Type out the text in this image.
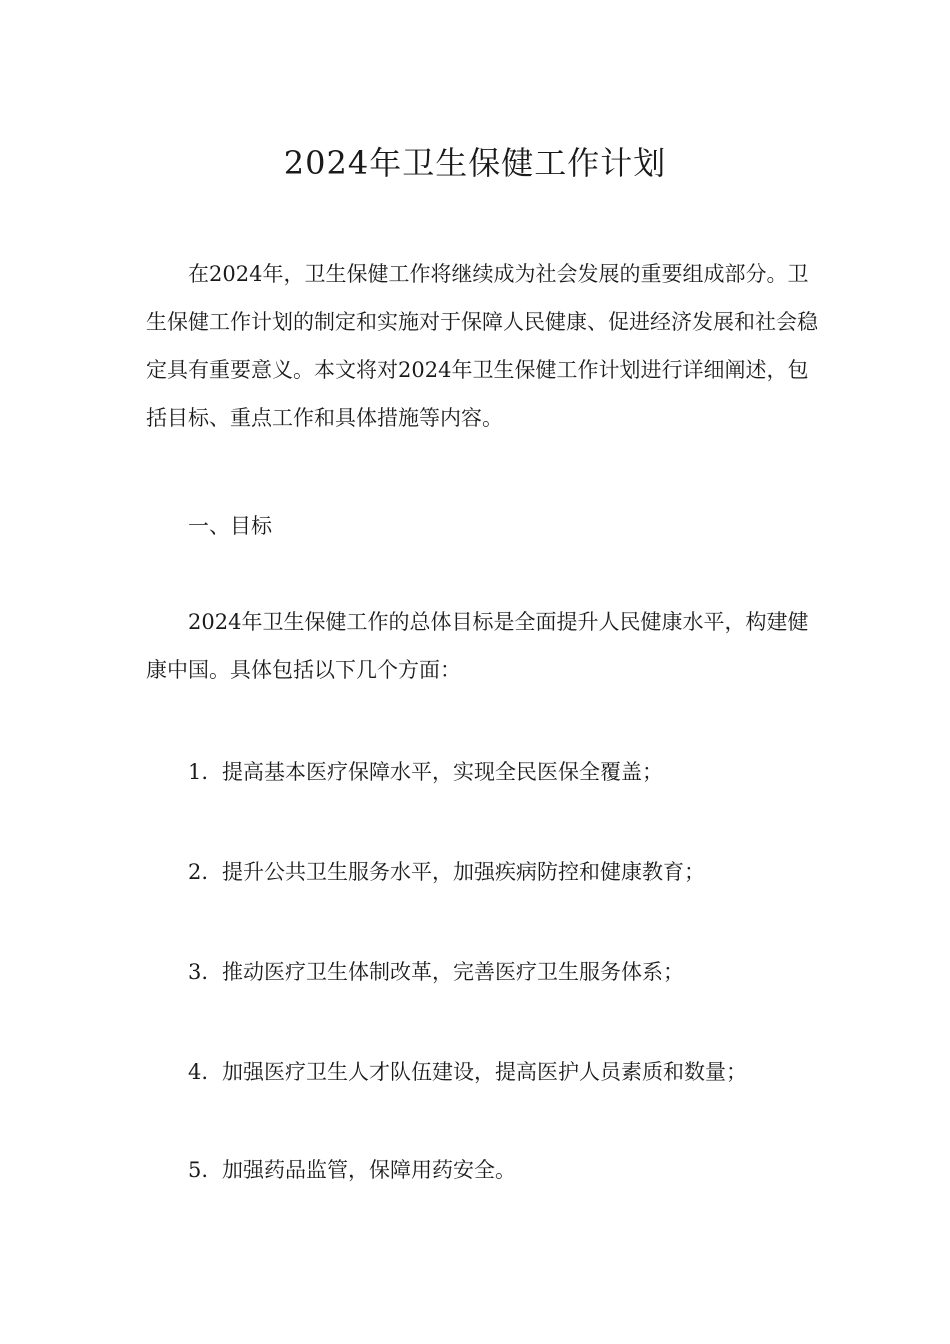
2024年卫生保健工作计划
在2024年，卫生保健工作将继续成为社会发展的重要组成部分。卫生保健工作计划的制定和实施对于保障人民健康、促进经济发展和社会稳定具有重要意义。本文将对2024年卫生保健工作计划进行详细阐述，包括目标、重点工作和具体措施等内容。
一、目标
2024年卫生保健工作的总体目标是全面提升人民健康水平，构建健康中国。具体包括以下几个方面：
1. 提高基本医疗保障水平，实现全民医保全覆盖；
2. 提升公共卫生服务水平，加强疾病防控和健康教育；
3. 推动医疗卫生体制改革，完善医疗卫生服务体系；
4. 加强医疗卫生人才队伍建设，提高医护人员素质和数量；
5. 加强药品监管，保障用药安全。
